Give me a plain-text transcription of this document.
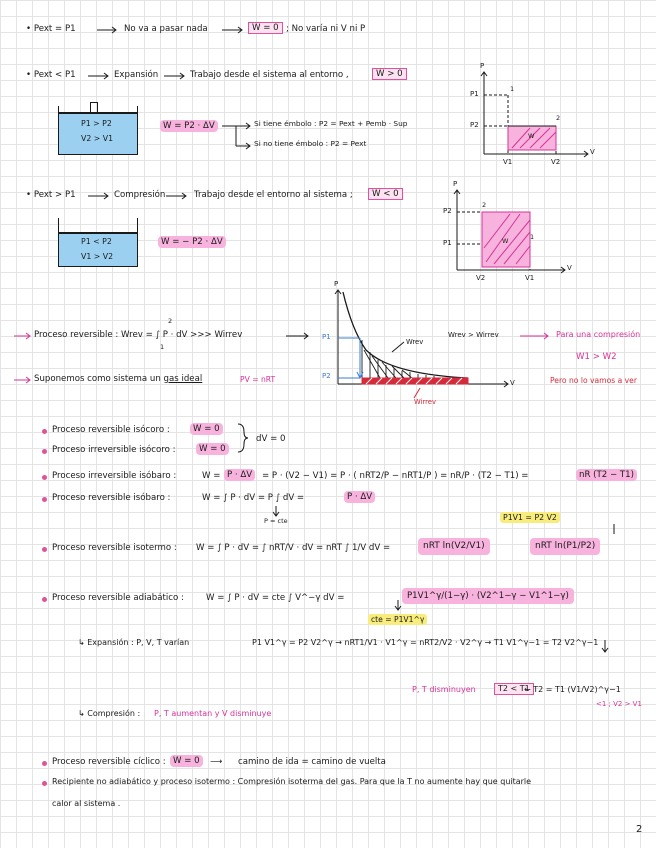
• Pext = P1	No va a pasar nada	W = 0 ; No varía ni V ni P
• Pext < P1	Expansión	Trabajo desde el sistema al entorno ,	W > 0
P1 > P2
V2 > V1
W = P2 · ΔV	Si tiene émbolo : P2 = Pext + Pemb · Sup
Si no tiene émbolo : P2 = Pext
P
P1
P2
V1	V2
V
1
2
W
• Pext > P1	Compresión	Trabajo desde el entorno al sistema ;	W < 0
P1 < P2
V1 > V2
W = − P2 · ΔV
P
P2
P1
V2	V1
V
2
1
W
Proceso reversible : Wrev = ∫ P · dV >>> Wirrev
2
1
Wrev > Wirrev	Para una compresión
W1 > W2
Suponemos como sistema un gas ideal	PV = nRT	Pero no lo vamos a ver
P
P1
P2
V
Wrev
Wirrev
Proceso reversible isócoro :	W = 0
Proceso irreversible isócoro :	W = 0
dV = 0
Proceso irreversible isóbaro :	W = P · ΔV	= P · (V2 − V1) = P · ( nRT2/P − nRT1/P ) = nR/P · (T2 − T1) =	nR (T2 − T1)
Proceso reversible isóbaro :	W = ∫ P · dV = P ∫ dV =	P · ΔV
P = cte	P1V1 = P2 V2
Proceso reversible isotermo : W = ∫ P · dV = ∫ nRT/V · dV = nRT ∫ 1/V dV =	nRT ln(V2/V1)	nRT ln(P1/P2)
Proceso reversible adiabático :	W = ∫ P · dV = cte ∫ V^−γ dV =	P1V1^γ/(1−γ) · (V2^1−γ − V1^1−γ)
cte = P1V1^γ
↳ Expansión : P, V, T varían	P1 V1^γ = P2 V2^γ → nRT1/V1 · V1^γ = nRT2/V2 · V2^γ → T1 V1^γ−1 = T2 V2^γ−1
P, T disminuyen	T2 < T1
← T2 = T1 (V1/V2)^γ−1
<1 ; V2 > V1
↳ Compresión : P, T aumentan y V disminuye
Proceso reversible cíclico : W = 0	⟶ camino de ida = camino de vuelta
Recipiente no adiabático y proceso isotermo : Compresión isoterma del gas. Para que la T no aumente hay que quitarle
calor al sistema .
2
